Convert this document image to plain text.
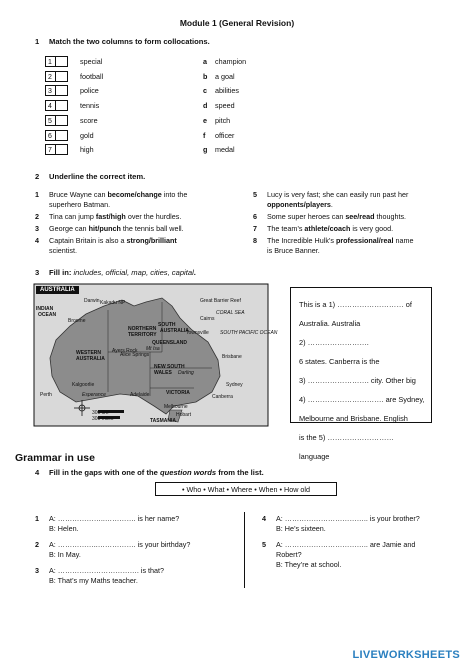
Module 1 (General Revision)
1 Match the two columns to form collocations.
1	special	a champion
2	football	b a goal
3	police	c abilities
4	tennis	d speed
5	score	e pitch
6	gold	f officer
7	high	g medal
2 Underline the correct item.
1 Bruce Wayne can become/change into the
superhero Batman.
2 Tina can jump fast/high over the hurdles.
3 George can hit/punch the tennis ball well.
4 Captain Britain is also a strong/brilliant
scientist.
5 Lucy is very fast; she can easily run past her
opponents/players.
6 Some super heroes can see/read thoughts.
7 The team’s athlete/coach is very good.
8 The Incredible Hulk’s professional/real name
is Bruce Banner.
3 Fill in: includes, official, map, cities, capital.
AUSTRALIA
INDIAN
OCEAN
NORTHERN
TERRITORY
WESTERN
AUSTRALIA
QUEENSLAND
SOUTH
AUSTRALIA
NEW SOUTH
WALES
VICTORIA
TASMANIA
Darwin Kakadu NP	Great Barrier Reef
Cairns
Townsville
Broome
Ayers Rock
Alice Springs
Perth	Adelaide
Melbourne
Sydney
Canberra
Brisbane
Hobart
Kalgoorlie
Esperance
CORAL SEA
SOUTH PACIFIC OCEAN
Mt Isa
Darling
300 km
300 miles
This is a 1) ……………………… of
Australia. Australia
2) …………………….
6 states. Canberra is the
3) ……………………. city. Other big
4) …………………………. are Sydney,
Melbourne and Brisbane. English
is the 5) ………………………
language
Grammar in use
4 Fill in the gaps with one of the question words from the list.
• Who • What • Where • When • How old
1 A: ………………..…………. is her name?
B: Helen.
2 A: ……………..……………. is your birthday?
B: In May.
3 A: ……………………………. is that?
B: That’s my Maths teacher.
4 A: …………………………….. is your brother?
B: He’s sixteen.
5 A: …………………………….. are Jamie and
Robert?
B: They’re at school.
LIVEWORKSHEETS
